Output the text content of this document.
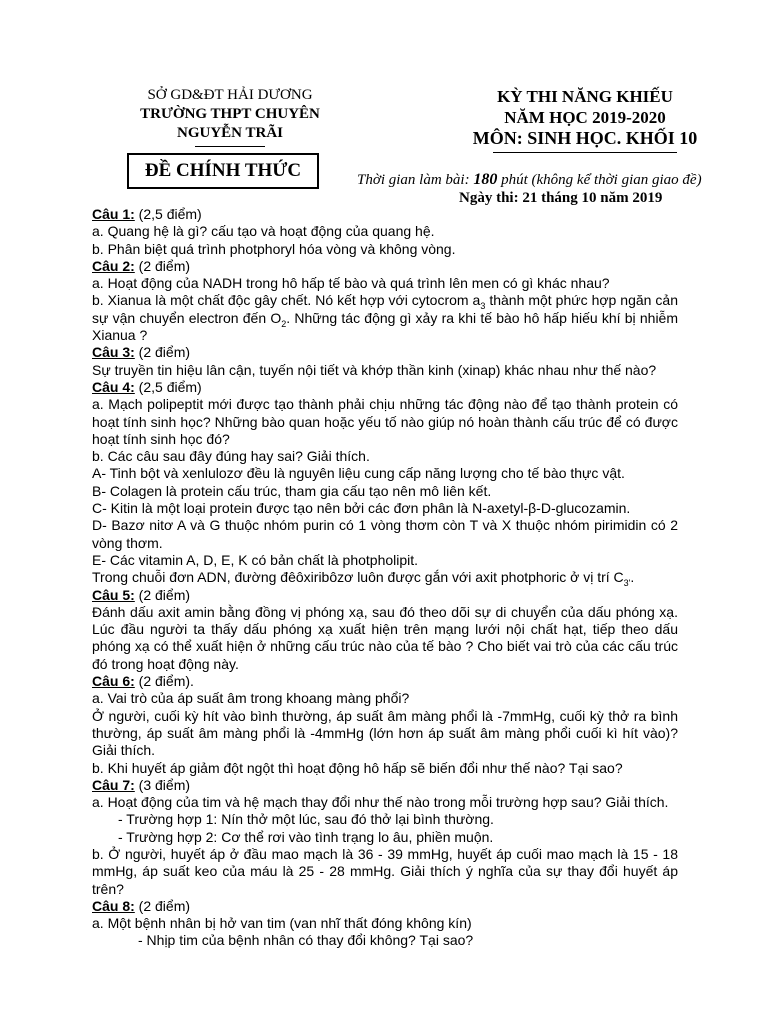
SỞ GD&ĐT HẢI DƯƠNG
TRƯỜNG THPT CHUYÊN
NGUYỄN TRÃI
ĐỀ CHÍNH THỨC
KỲ THI NĂNG KHIẾU
NĂM HỌC 2019-2020
MÔN: SINH HỌC. KHỐI 10
Thời gian làm bài: 180 phút (không kể thời gian giao đề)
Ngày thi: 21 tháng 10 năm 2019

Câu 1: (2,5 điểm)

a. Quang hệ là gì? cấu tạo và hoạt động của quang hệ.

b. Phân biệt quá trình photphoryl hóa vòng và không vòng.

Câu 2: (2 điểm)

a. Hoạt động của NADH trong hô hấp tế bào và quá trình lên men có gì khác nhau?

b. Xianua là một chất độc gây chết. Nó kết hợp với cytocrom $a_3$ thành một phức hợp ngăn cản sự vận chuyển electron đến $O_2$. Những tác động gì xảy ra khi tế bào hô hấp hiếu khí bị nhiễm Xianua ?

Câu 3: (2 điểm)

Sự truyền tin hiệu lân cận, tuyến nội tiết và khớp thần kinh (xinap) khác nhau như thế nào?

Câu 4: (2,5 điểm)

a. Mạch polipeptit mới được tạo thành phải chịu những tác động nào để tạo thành protein có hoạt tính sinh học? Những bào quan hoặc yếu tố nào giúp nó hoàn thành cấu trúc để có được hoạt tính sinh học đó?

b. Các câu sau đây đúng hay sai? Giải thích.

A- Tinh bột và xenlulozơ đều là nguyên liệu cung cấp năng lượng cho tế bào thực vật.

B- Colagen là protein cấu trúc, tham gia cấu tạo nên mô liên kết.

C- Kitin là một loại protein được tạo nên bởi các đơn phân là N-axetyl-β-D-glucozamin.

D- Bazơ nitơ A và G thuộc nhóm purin có 1 vòng thơm còn T và X thuộc nhóm pirimidin có 2 vòng thơm.

E- Các vitamin A, D, E, K có bản chất là photpholipit.

Trong chuỗi đơn ADN, đường đêôxiribôzơ luôn được gắn với axit photphoric ở vị trí $C_{3'}$.

Câu 5: (2 điểm)

Đánh dấu axit amin bằng đồng vị phóng xạ, sau đó theo dõi sự di chuyển của dấu phóng xạ. Lúc đầu người ta thấy dấu phóng xạ xuất hiện trên mạng lưới nội chất hạt, tiếp theo dấu phóng xạ có thể xuất hiện ở những cấu trúc nào của tế bào ? Cho biết vai trò của các cấu trúc đó trong hoạt động này.

Câu 6: (2 điểm).

a. Vai trò của áp suất âm trong khoang màng phổi?

Ở người, cuối kỳ hít vào bình thường, áp suất âm màng phổi là -7mmHg, cuối kỳ thở ra bình thường, áp suất âm màng phổi là -4mmHg (lớn hơn áp suất âm màng phổi cuối kì hít vào)? Giải thích.

b. Khi huyết áp giảm đột ngột thì hoạt động hô hấp sẽ biến đổi như thế nào? Tại sao?

Câu 7: (3 điểm)

a. Hoạt động của tim và hệ mạch thay đổi như thế nào trong mỗi trường hợp sau? Giải thích.

- Trường hợp 1: Nín thở một lúc, sau đó thở lại bình thường.

- Trường hợp 2: Cơ thể rơi vào tình trạng lo âu, phiền muộn.

b. Ở người, huyết áp ở đầu mao mạch là 36 - 39 mmHg, huyết áp cuối mao mạch là 15 - 18 mmHg, áp suất keo của máu là 25 - 28 mmHg. Giải thích ý nghĩa của sự thay đổi huyết áp trên?

Câu 8: (2 điểm)

a. Một bệnh nhân bị hở van tim (van nhĩ thất đóng không kín)

- Nhịp tim của bệnh nhân có thay đổi không? Tại sao?
